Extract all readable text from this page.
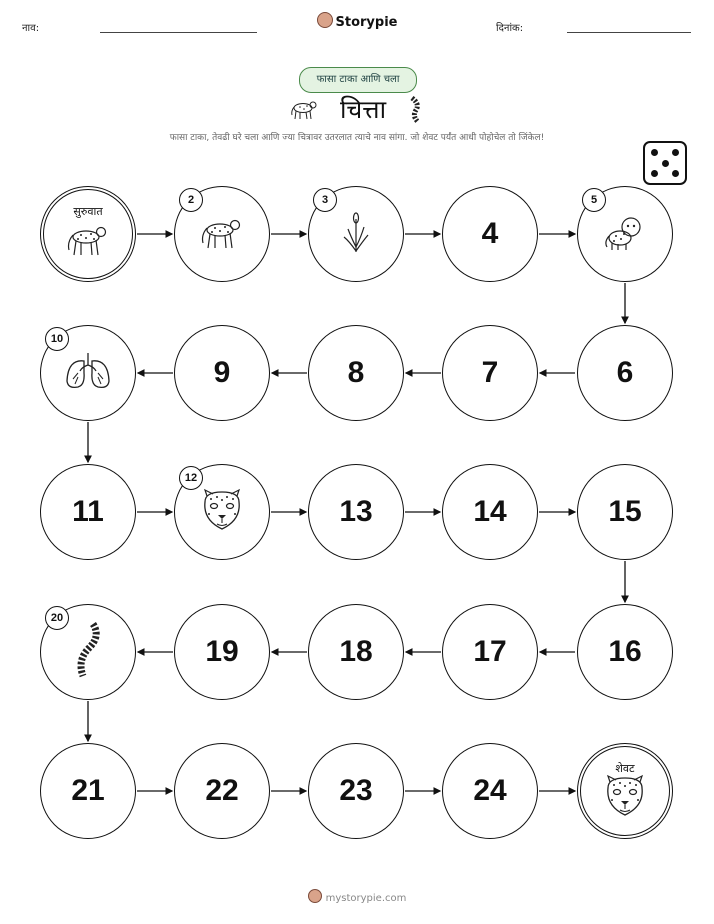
नाव:	Storypie	दिनांक:
फासा टाका आणि चला
चित्ता
फासा टाका, तेवढी घरे चला आणि ज्या चित्रावर उतरलात त्याचे नाव सांगा. जो शेवट पर्यंत आधी पोहोचेल तो जिंकेल!
सुरुवात
2	3
4
5
6
7
8
9
10
11
12
13	14	15
16
17
18
19
20
21	22	23	24
शेवट
mystorypie.com
